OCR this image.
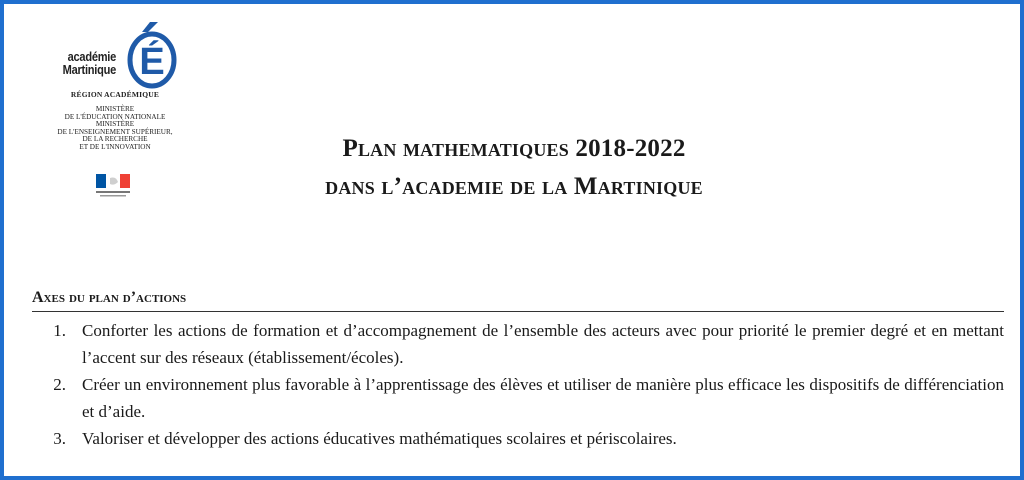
académie
Martinique É
RÉGION ACADÉMIQUE
MINISTÈRE
DE L'ÉDUCATION NATIONALE
MINISTÈRE
DE L'ENSEIGNEMENT SUPÉRIEUR,
DE LA RECHERCHE
ET DE L'INNOVATION	Plan mathematiques 2018-2022
dans l’academie de la Martinique
Axes du plan d’actions
1. Conforter les actions de formation et d’accompagnement de l’ensemble des acteurs avec pour priorité le premier degré et en mettant l’accent sur des réseaux (établissement/écoles).
2. Créer un environnement plus favorable à l’apprentissage des élèves et utiliser de manière plus efficace les dispositifs de différenciation et d’aide.
3. Valoriser et développer des actions éducatives mathématiques scolaires et périscolaires.
